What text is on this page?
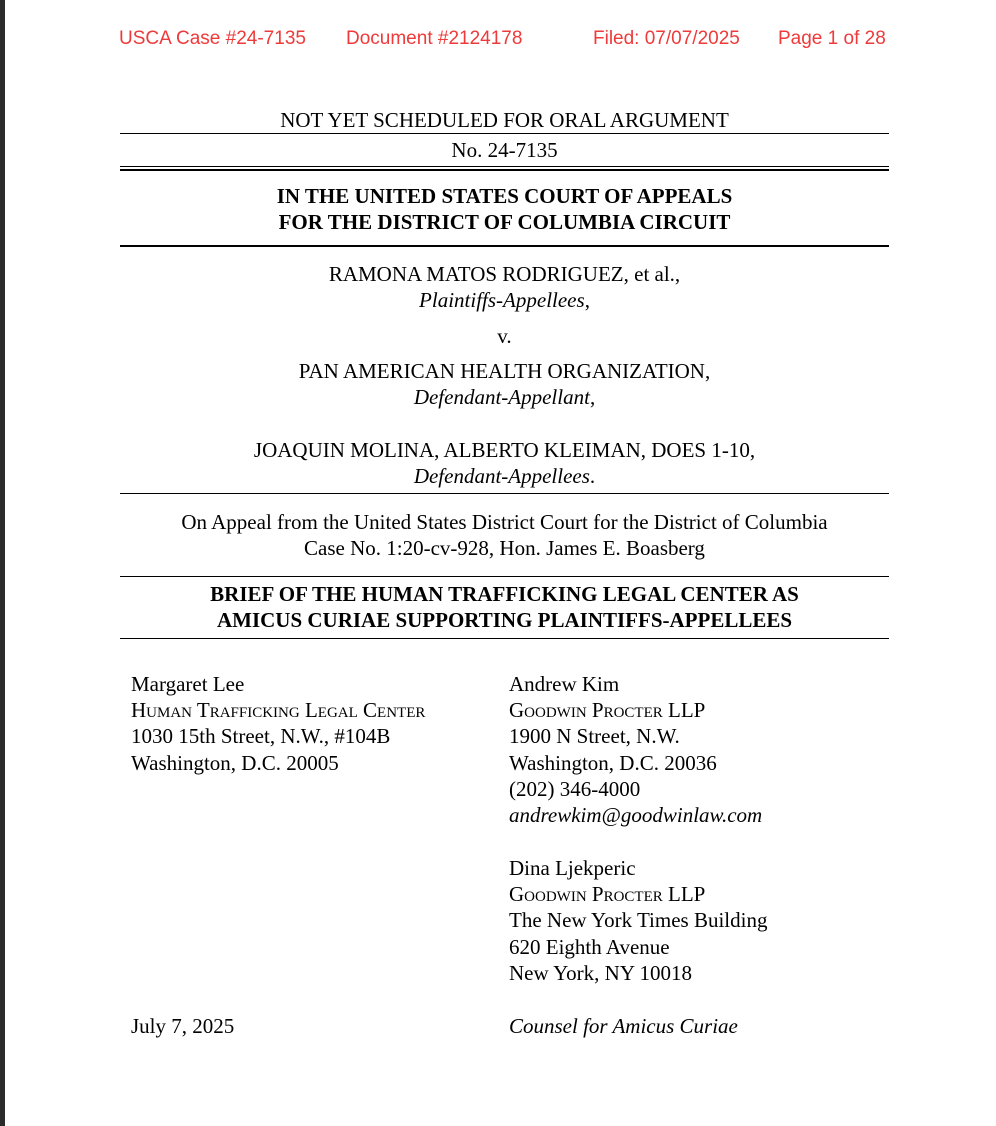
USCA Case #24-7135 Document #2124178	Filed: 07/07/2025 Page 1 of 28
NOT YET SCHEDULED FOR ORAL ARGUMENT
No. 24-7135
IN THE UNITED STATES COURT OF APPEALS
FOR THE DISTRICT OF COLUMBIA CIRCUIT
RAMONA MATOS RODRIGUEZ, et al.,
Plaintiffs-Appellees,
v.
PAN AMERICAN HEALTH ORGANIZATION,
Defendant-Appellant,
JOAQUIN MOLINA, ALBERTO KLEIMAN, DOES 1-10,
Defendant-Appellees.
On Appeal from the United States District Court for the District of Columbia
Case No. 1:20-cv-928, Hon. James E. Boasberg
BRIEF OF THE HUMAN TRAFFICKING LEGAL CENTER AS
AMICUS CURIAE SUPPORTING PLAINTIFFS-APPELLEES
Margaret Lee
Human Trafficking Legal Center
1030 15th Street, N.W., #104B
Washington, D.C. 20005
Andrew Kim
Goodwin Procter LLP
1900 N Street, N.W.
Washington, D.C. 20036
(202) 346-4000
andrewkim@goodwinlaw.com
Dina Ljekperic
Goodwin Procter LLP
The New York Times Building
620 Eighth Avenue
New York, NY 10018
July 7, 2025	Counsel for Amicus Curiae
